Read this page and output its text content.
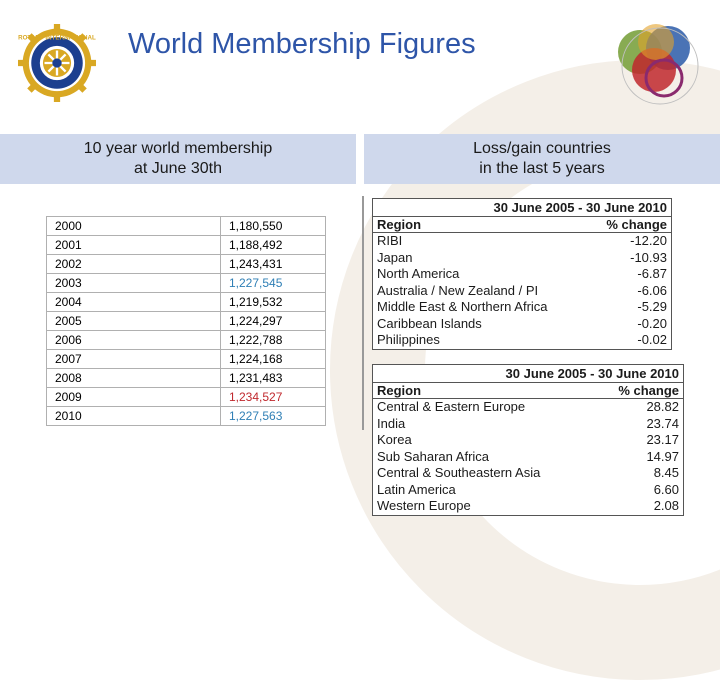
ROTARY INTERNATIONAL World Membership Figures
10 year world membership
at June 30th
Loss/gain countries
in the last 5 years
2000	1,180,550
2001	1,188,492
2002	1,243,431
2003	1,227,545
2004	1,219,532
2005	1,224,297
2006	1,222,788
2007	1,224,168
2008	1,231,483
2009	1,234,527
2010	1,227,563
30 June 2005 - 30 June 2010
Region	% change
RIBI	-12.20
Japan	-10.93
North America	-6.87
Australia / New Zealand / PI	-6.06
Middle East & Northern Africa	-5.29
Caribbean Islands	-0.20
Philippines	-0.02
30 June 2005 - 30 June 2010
Region	% change
Central & Eastern Europe	28.82
India	23.74
Korea	23.17
Sub Saharan Africa	14.97
Central & Southeastern Asia	8.45
Latin America	6.60
Western Europe	2.08
